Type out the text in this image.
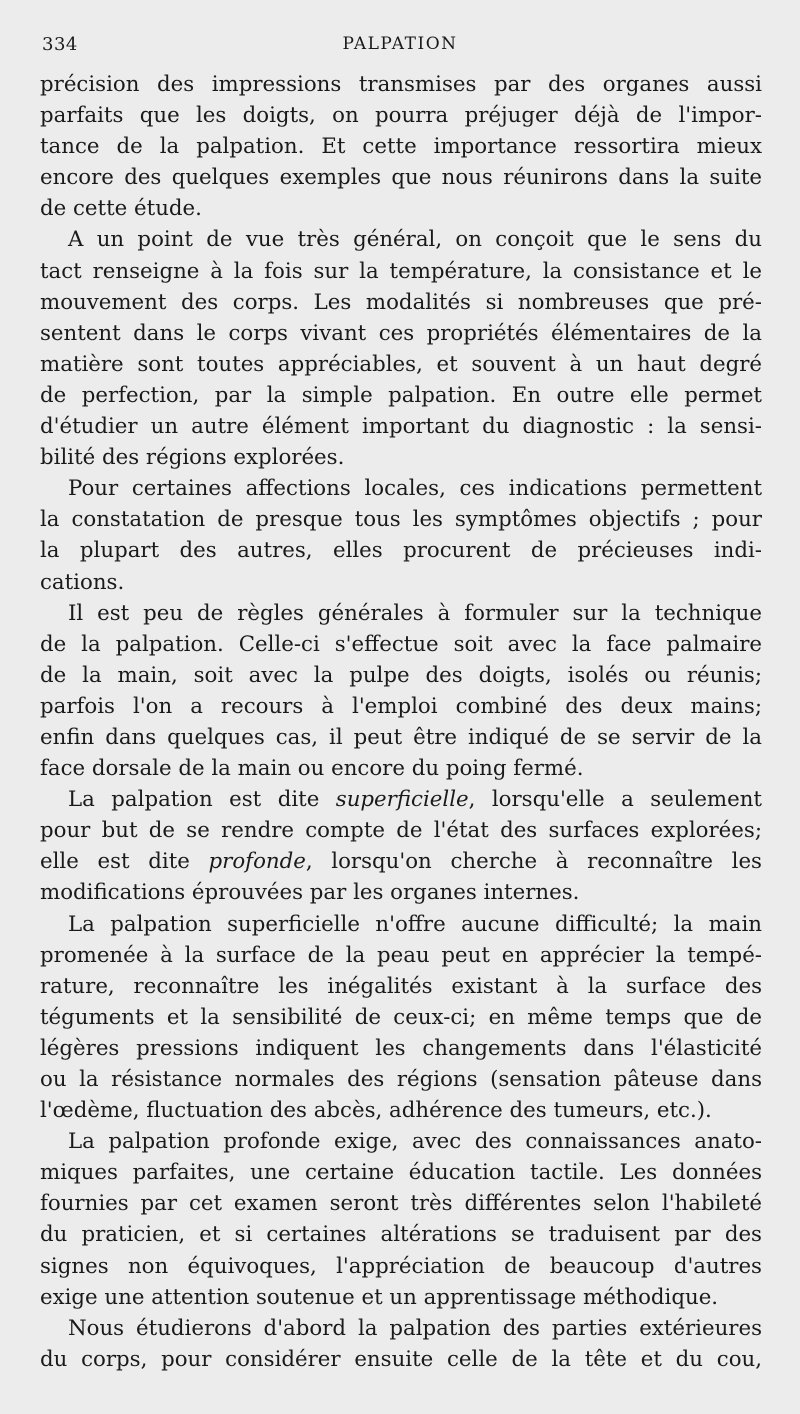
334	PALPATION
précision des impressions transmises par des organes aussi
parfaits que les doigts, on pourra préjuger déjà de l'impor-
tance de la palpation. Et cette importance ressortira mieux
encore des quelques exemples que nous réunirons dans la suite
de cette étude.
A un point de vue très général, on conçoit que le sens du
tact renseigne à la fois sur la température, la consistance et le
mouvement des corps. Les modalités si nombreuses que pré-
sentent dans le corps vivant ces propriétés élémentaires de la
matière sont toutes appréciables, et souvent à un haut degré
de perfection, par la simple palpation. En outre elle permet
d'étudier un autre élément important du diagnostic : la sensi-
bilité des régions explorées.
Pour certaines affections locales, ces indications permettent
la constatation de presque tous les symptômes objectifs ; pour
la plupart des autres, elles procurent de précieuses indi-
cations.
Il est peu de règles générales à formuler sur la technique
de la palpation. Celle-ci s'effectue soit avec la face palmaire
de la main, soit avec la pulpe des doigts, isolés ou réunis;
parfois l'on a recours à l'emploi combiné des deux mains;
enfin dans quelques cas, il peut être indiqué de se servir de la
face dorsale de la main ou encore du poing fermé.
La palpation est dite superficielle, lorsqu'elle a seulement
pour but de se rendre compte de l'état des surfaces explorées;
elle est dite profonde, lorsqu'on cherche à reconnaître les
modifications éprouvées par les organes internes.
La palpation superficielle n'offre aucune difficulté; la main
promenée à la surface de la peau peut en apprécier la tempé-
rature, reconnaître les inégalités existant à la surface des
téguments et la sensibilité de ceux-ci; en même temps que de
légères pressions indiquent les changements dans l'élasticité
ou la résistance normales des régions (sensation pâteuse dans
l'œdème, fluctuation des abcès, adhérence des tumeurs, etc.).
La palpation profonde exige, avec des connaissances anato-
miques parfaites, une certaine éducation tactile. Les données
fournies par cet examen seront très différentes selon l'habileté
du praticien, et si certaines altérations se traduisent par des
signes non équivoques, l'appréciation de beaucoup d'autres
exige une attention soutenue et un apprentissage méthodique.
Nous étudierons d'abord la palpation des parties extérieures
du corps, pour considérer ensuite celle de la tête et du cou,
